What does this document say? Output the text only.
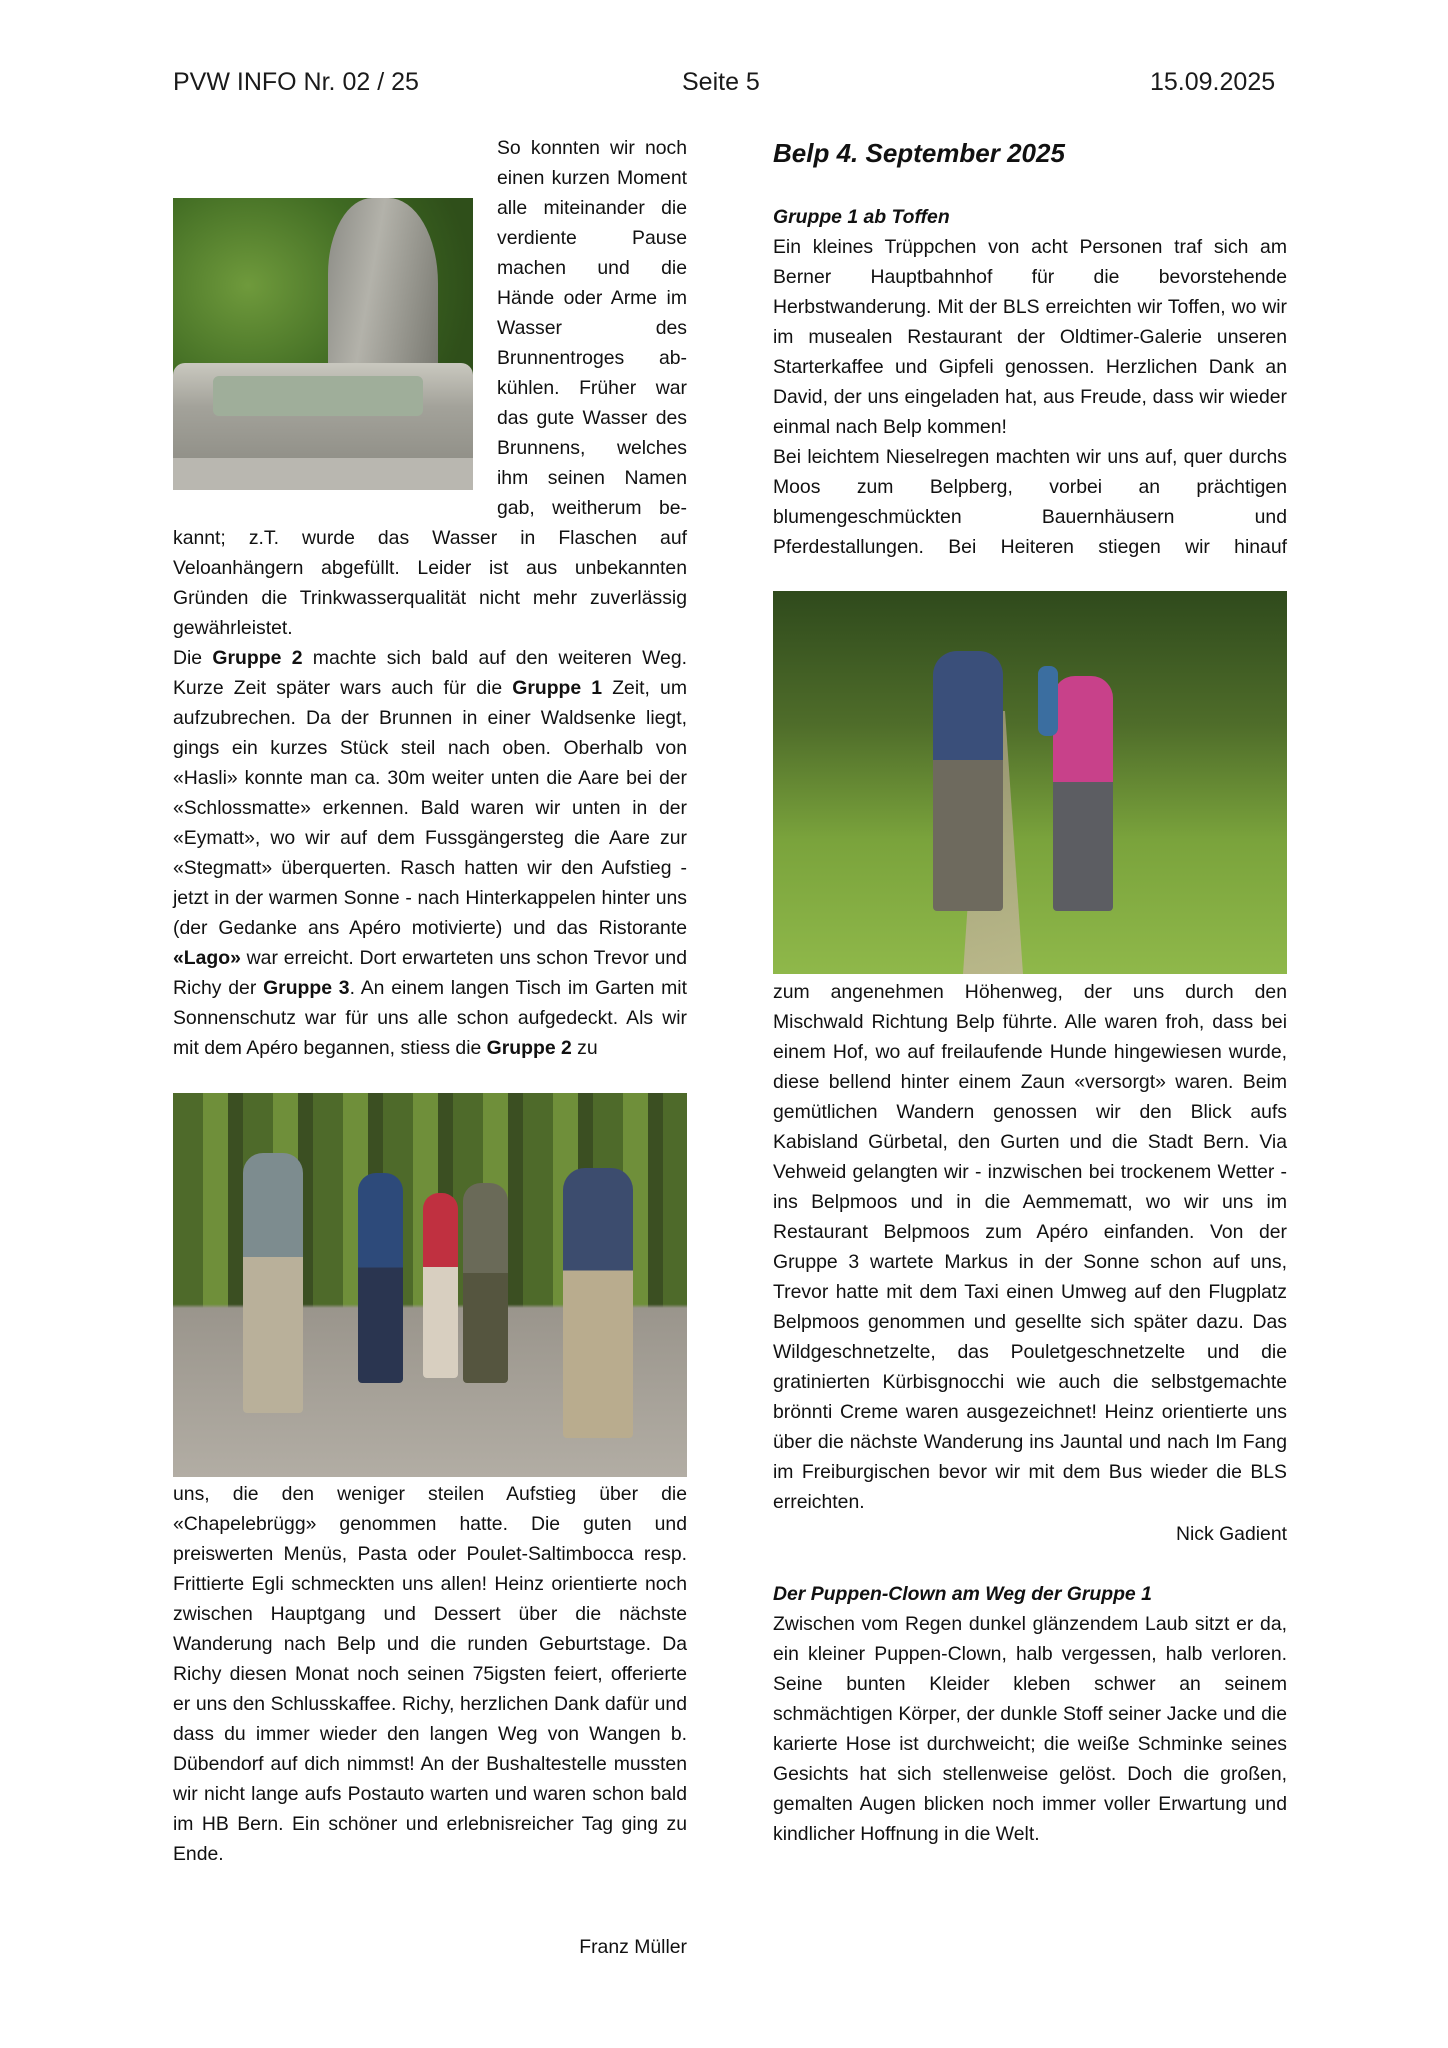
PVW INFO Nr. 02 / 25	Seite 5	15.09.2025

So konnten wir noch einen kurzen Moment alle miteinander die verdiente Pause machen und die Hände oder Arme im Wasser des Brunnentroges abkühlen. Früher war das gute Wasser des Brunnens, welches ihm seinen Namen gab, weitherum bekannt; z.T. wurde das Wasser in Flaschen auf Veloanhängern abgefüllt. Leider ist aus unbekannten Gründen die Trinkwasserqualität nicht mehr zuverlässig gewährleistet.

Die Gruppe 2 machte sich bald auf den weiteren Weg. Kurze Zeit später wars auch für die Gruppe 1 Zeit, um aufzubrechen. Da der Brunnen in einer Waldsenke liegt, gings ein kurzes Stück steil nach oben. Oberhalb von «Hasli» konnte man ca. 30m weiter unten die Aare bei der «Schlossmatte» erkennen. Bald waren wir unten in der «Eymatt», wo wir auf dem Fussgängersteg die Aare zur «Stegmatt» überquerten. Rasch hatten wir den Aufstieg - jetzt in der warmen Sonne - nach Hinterkappelen hinter uns (der Gedanke ans Apéro motivierte) und das Ristorante «Lago» war erreicht. Dort erwarteten uns schon Trevor und Richy der Gruppe 3. An einem langen Tisch im Garten mit Sonnenschutz war für uns alle schon aufgedeckt. Als wir mit dem Apéro begannen, stiess die Gruppe 2 zu

uns, die den weniger steilen Aufstieg über die «Chapelebrügg» genommen hatte. Die guten und preiswerten Menüs, Pasta oder Poulet-Saltimbocca resp. Frittierte Egli schmeckten uns allen! Heinz orientierte noch zwischen Hauptgang und Dessert über die nächste Wanderung nach Belp und die runden Geburtstage. Da Richy diesen Monat noch seinen 75igsten feiert, offerierte er uns den Schlusskaffee. Richy, herzlichen Dank dafür und dass du immer wieder den langen Weg von Wangen b. Dübendorf auf dich nimmst! An der Bushaltestelle mussten wir nicht lange aufs Postauto warten und waren schon bald im HB Bern. Ein schöner und erlebnisreicher Tag ging zu Ende.

Franz Müller
Belp 4. September 2025
Gruppe 1 ab Toffen

Ein kleines Trüppchen von acht Personen traf sich am Berner Hauptbahnhof für die bevorstehende Herbstwanderung. Mit der BLS erreichten wir Toffen, wo wir im musealen Restaurant der Oldtimer-Galerie unseren Starterkaffee und Gipfeli genossen. Herzlichen Dank an David, der uns eingeladen hat, aus Freude, dass wir wieder einmal nach Belp kommen!

Bei leichtem Nieselregen machten wir uns auf, quer durchs Moos zum Belpberg, vorbei an prächtigen blumengeschmückten Bauernhäusern und Pferdestallungen. Bei Heiteren stiegen wir hinauf

zum angenehmen Höhenweg, der uns durch den Mischwald Richtung Belp führte. Alle waren froh, dass bei einem Hof, wo auf freilaufende Hunde hingewiesen wurde, diese bellend hinter einem Zaun «versorgt» waren. Beim gemütlichen Wandern genossen wir den Blick aufs Kabisland Gürbetal, den Gurten und die Stadt Bern. Via Vehweid gelangten wir - inzwischen bei trockenem Wetter - ins Belpmoos und in die Aemmematt, wo wir uns im Restaurant Belpmoos zum Apéro einfanden. Von der Gruppe 3 wartete Markus in der Sonne schon auf uns, Trevor hatte mit dem Taxi einen Umweg auf den Flugplatz Belpmoos genommen und gesellte sich später dazu. Das Wildgeschnetzelte, das Pouletgeschnetzelte und die gratinierten Kürbisgnocchi wie auch die selbstgemachte brönnti Creme waren ausgezeichnet! Heinz orientierte uns über die nächste Wanderung ins Jauntal und nach Im Fang im Freiburgischen bevor wir mit dem Bus wieder die BLS erreichten.

Nick Gadient
Der Puppen-Clown am Weg der Gruppe 1

Zwischen vom Regen dunkel glänzendem Laub sitzt er da, ein kleiner Puppen-Clown, halb vergessen, halb verloren. Seine bunten Kleider kleben schwer an seinem schmächtigen Körper, der dunkle Stoff seiner Jacke und die karierte Hose ist durchweicht; die weiße Schminke seines Gesichts hat sich stellenweise gelöst. Doch die großen, gemalten Augen blicken noch immer voller Erwartung und kindlicher Hoffnung in die Welt.
